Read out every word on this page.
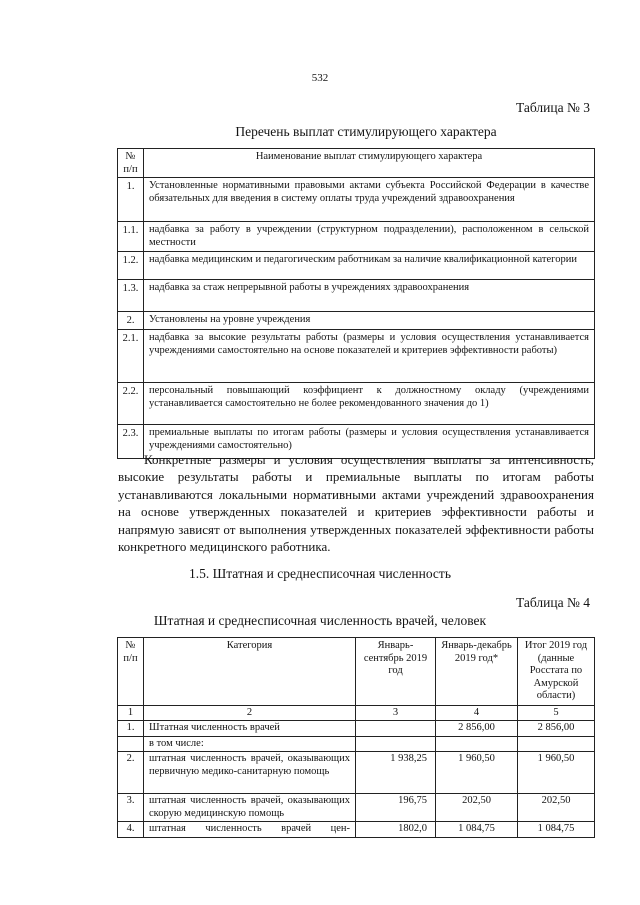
532
Таблица № 3
Перечень выплат стимулирующего характера
№ п/п	Наименование выплат стимулирующего характера
1.	Установленные нормативными правовыми актами субъекта Российской Федерации в качестве обязательных для введения в систему оплаты труда учреждений здравоохранения
1.1.	надбавка за работу в учреждении (структурном подразделении), расположенном в сельской местности
1.2.	надбавка медицинским и педагогическим работникам за наличие квалификационной категории
1.3.	надбавка за стаж непрерывной работы в учреждениях здравоохранения
2.	Установлены на уровне учреждения
2.1.	надбавка за высокие результаты работы (размеры и условия осуществления устанавливается учреждениями самостоятельно на основе показателей и критериев эффективности работы)
2.2.	персональный повышающий коэффициент к должностному окладу (учреждениями устанавливается самостоятельно не более рекомендованного значения до 1)
2.3.	премиальные выплаты по итогам работы (размеры и условия осуществления устанавливается учреждениями самостоятельно)

Конкретные размеры и условия осуществления выплаты за интенсивность, высокие результаты работы и премиальные выплаты по итогам работы устанавливаются локальными нормативными актами учреждений здравоохранения на основе утвержденных показателей и критериев эффективности работы и напрямую зависят от выполнения утвержденных показателей эффективности работы конкретного медицинского работника.

1.5. Штатная и среднесписочная численность
Таблица № 4
Штатная и среднесписочная численность врачей, человек
№ п/п	Категория	Январь-сентябрь 2019 год	Январь-декабрь 2019 год*	Итог 2019 год (данные Росстата по Амурской области)
1	2	3	4	5
1.	Штатная численность врачей		2 856,00	2 856,00
	в том числе:			
2.	штатная численность врачей, оказывающих первичную медико-санитарную помощь	1 938,25	1 960,50	1 960,50
3.	штатная численность врачей, оказывающих скорую медицинскую помощь	196,75	202,50	202,50
4.	штатная численность врачей цен-	1802,0	1 084,75	1 084,75
